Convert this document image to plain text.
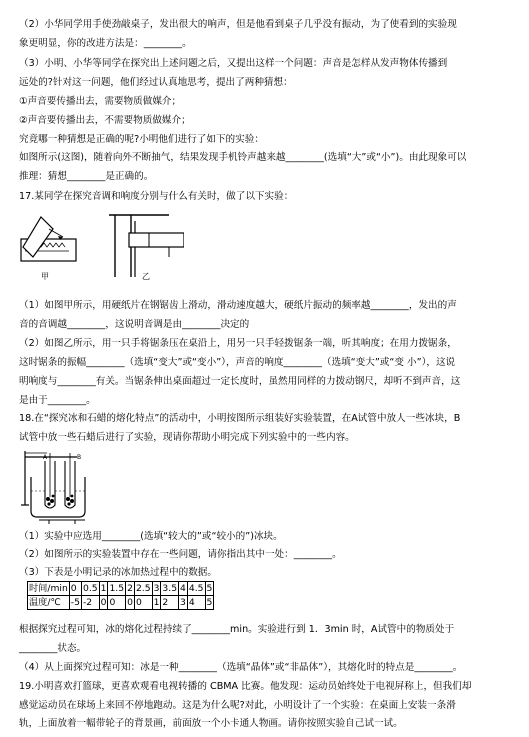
（2）小华同学用手使劲敲桌子，发出很大的响声，但是他看到桌子几乎没有振动，为了使看到的实验现
象更明显，你的改进方法是：________。
（3）小明、小华等同学在探究出上述问题之后，又提出这样一个问题：声音是怎样从发声物体传播到
远处的?针对这一问题，他们经过认真地思考，提出了两种猜想：
①声音要传播出去，需要物质做媒介；
②声音要传播出去，不需要物质做媒介；
究竟哪一种猜想是正确的呢?小明他们进行了如下的实验：
如图所示(这图)，随着向外不断抽气，结果发现手机铃声越来越________(选填“大”或“小”)。由此现象可以
推理：猜想________是正确的。
17.某同学在探究音调和响度分别与什么有关时，做了以下实验：
甲	乙
（1）如图甲所示，用硬纸片在钢锯齿上滑动，滑动速度越大，硬纸片振动的频率越________，发出的声
音的音调越________，这说明音调是由________决定的
（2）如图乙所示，用一只手将锯条压在桌沿上，用另一只手轻拨锯条一端，听其响度；在用力拨锯条，
这时锯条的振幅________（选填“变大”或“变小”），声音的响度________（选填“变大”或“变 小”），这说
明响度与________有关。当锯条伸出桌面超过一定长度时，虽然用同样的力拨动钢尺，却听不到声音，这
是由于________。
18.在“探究冰和石蜡的熔化特点”的活动中，小明按图所示组装好实验装置，在A试管中放人一些冰块，B
试管中放一些石蜡后进行了实验，现请你帮助小明完成下列实验中的一些内容。
A	B
（1）实验中应选用________(选填“较大的”或“较小的”)冰块。
（2）如图所示的实验装置中存在一些问题，请你指出其中一处：________。
（3）下表是小明记录的冰加热过程中的数据。
时间/min	0	0.5	1	1.5	2	2.5	3	3.5	4	4.5	5
温度/℃	-5	-2	0	0	0	0	1	2	3	4	5
根据探究过程可知，冰的熔化过程持续了________min。实验进行到 1．3min 时，A试管中的物质处于
________状态。
（4）从上面探究过程可知：冰是一种________（选填“晶体”或“非晶体”），其熔化时的特点是________。
19.小明喜欢打篮球，更喜欢观看电视转播的 CBMA 比赛。他发现：运动员始终处于电视屏称上，但我们却
感觉运动员在球场上来回不停地跑动。这是为什么呢?对此，小明设计了一个实验：在桌面上安装一条滑
轨，上面放着一幅带轮子的背景画，前面放一个小卡通人物画。请你按照实验自己试一试。
